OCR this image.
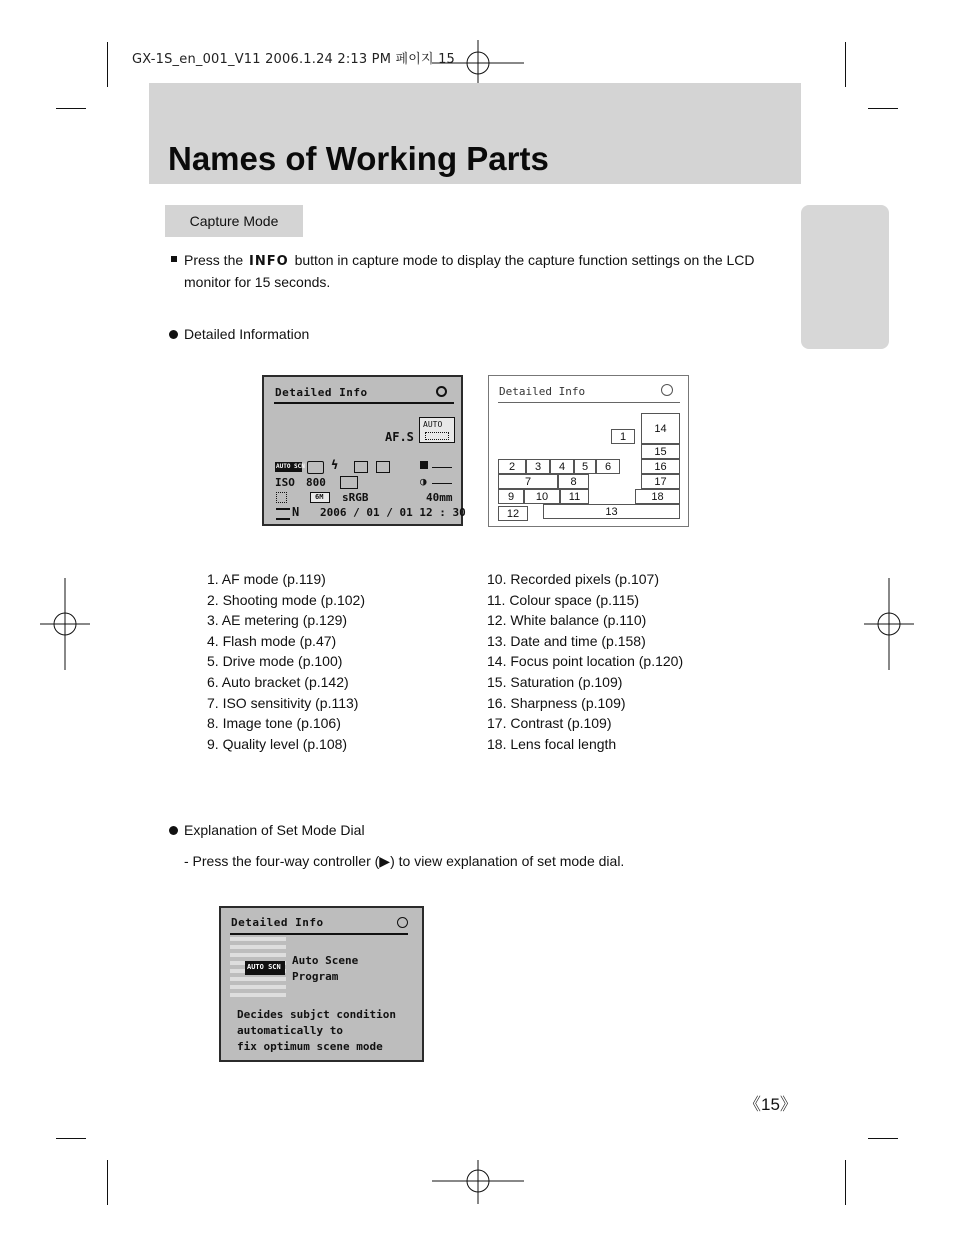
GX-1S_en_001_V11 2006.1.24 2:13 PM 페이지 15
Names of Working Parts
Capture Mode
Press the INFO button in capture mode to display the capture function settings on the LCD monitor for 15 seconds.
Detailed Information
Detailed Info
AF.S
AUTO
AUTO SCN ϟ
ISO 800	◑
6M sRGB	40mm
N 2006 / 01 / 01 12 : 30
Detailed Info
1
14
15
2	3	4	5	6	16
7	8	17
9	10	11	18
12	13
1. AF mode (p.119)
2. Shooting mode (p.102)
3. AE metering (p.129)
4. Flash mode (p.47)
5. Drive mode (p.100)
6. Auto bracket (p.142)
7. ISO sensitivity (p.113)
8. Image tone (p.106)
9. Quality level (p.108)
10. Recorded pixels (p.107)
11. Colour space (p.115)
12. White balance (p.110)
13. Date and time (p.158)
14. Focus point location (p.120)
15. Saturation (p.109)
16. Sharpness (p.109)
17. Contrast (p.109)
18. Lens focal length
Explanation of Set Mode Dial
- Press the four-way controller (▶) to view explanation of set mode dial.
Detailed Info
AUTO SCN Auto Scene
Program
Decides subjct condition
automatically to
fix optimum scene mode
《15》
